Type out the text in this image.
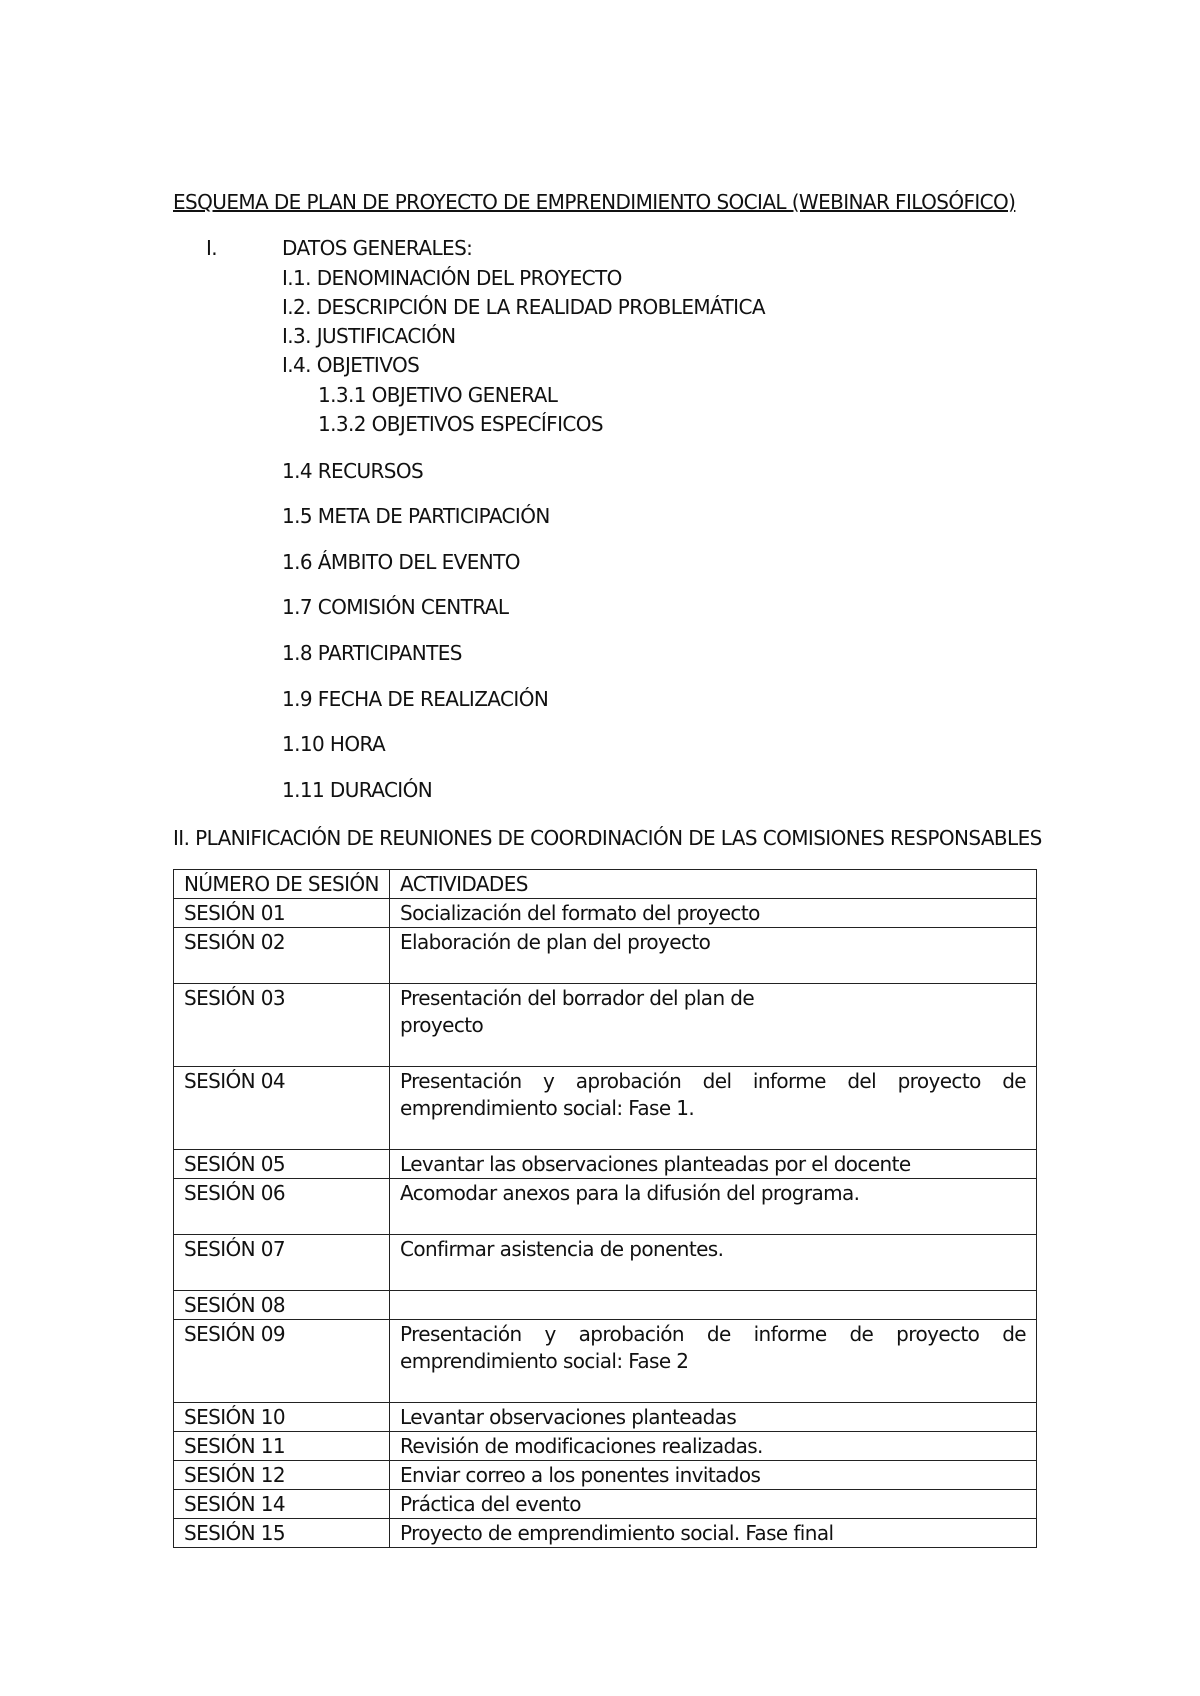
ESQUEMA DE PLAN DE PROYECTO DE EMPRENDIMIENTO SOCIAL (WEBINAR FILOSÓFICO)
I.	DATOS GENERALES:
I.1. DENOMINACIÓN DEL PROYECTO
I.2. DESCRIPCIÓN DE LA REALIDAD PROBLEMÁTICA
I.3. JUSTIFICACIÓN
I.4. OBJETIVOS
1.3.1 OBJETIVO GENERAL
1.3.2 OBJETIVOS ESPECÍFICOS
1.4 RECURSOS
1.5 META DE PARTICIPACIÓN
1.6 ÁMBITO DEL EVENTO
1.7 COMISIÓN CENTRAL
1.8 PARTICIPANTES
1.9 FECHA DE REALIZACIÓN
1.10 HORA
1.11 DURACIÓN
II. PLANIFICACIÓN DE REUNIONES DE COORDINACIÓN DE LAS COMISIONES RESPONSABLES
NÚMERO DE SESIÓN	ACTIVIDADES
SESIÓN 01	Socialización del formato del proyecto
SESIÓN 02	Elaboración de plan del proyecto
SESIÓN 03	Presentación del borrador del plan de
proyecto

SESIÓN 04	Presentación y aprobación del informe del proyecto de emprendimiento social: Fase 1.
SESIÓN 05	Levantar las observaciones planteadas por el docente
SESIÓN 06	Acomodar anexos para la difusión del programa.
SESIÓN 07	Confirmar asistencia de ponentes.
SESIÓN 08	
SESIÓN 09	Presentación y aprobación de informe de proyecto de emprendimiento social: Fase 2
SESIÓN 10	Levantar observaciones planteadas
SESIÓN 11	Revisión de modificaciones realizadas.
SESIÓN 12	Enviar correo a los ponentes invitados
SESIÓN 14	Práctica del evento
SESIÓN 15	Proyecto de emprendimiento social. Fase final
